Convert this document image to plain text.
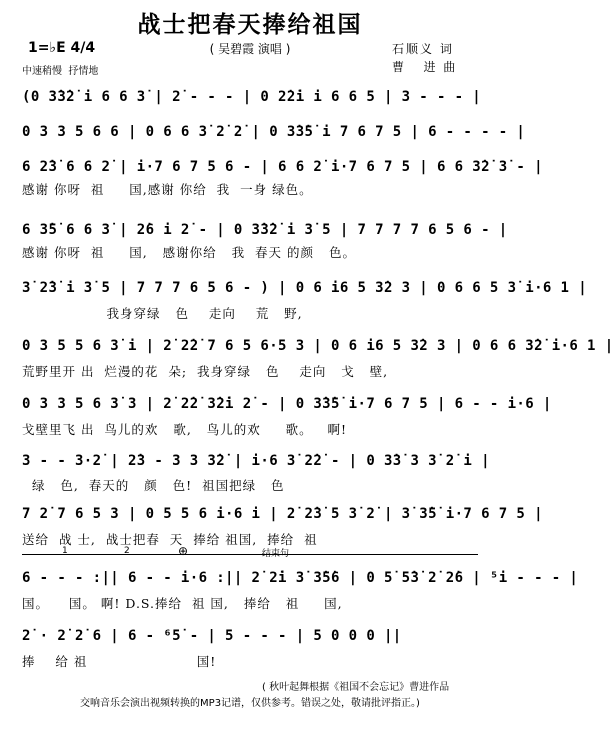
战士把春天捧给祖国
( 吴碧霞 演唱 )
1=♭E 4/4
中速稍慢  抒情地
石顺义 词
曹   进 曲
(0 3̇3̇2̇ i 6 6 3̇ | 2̇ - - - | 0 2̇2̇i i 6 6 5 | 3 - - - |
0 3 3 5 6 6 | 0 6 6 3̇ 2̇ 2̇ | 0 3̇3̇5̇ i 7 6 7 5 | 6 - - - - |
6 2̇3̇ 6 6 2̇ | i·7 6 7 5 6 - | 6 6 2̇ i·7 6 7 5 | 6 6 3̇2̇ 3̇ - |
感谢 你呀  祖     国,感谢 你给  我  一身 绿色。
6 3̇5̇ 6 6 3̇ | 2̇6 i 2̇ - | 0 3̇3̇2̇ i 3̇ 5 | 7 7 7 7 6 5 6 - |
感谢 你呀  祖     国,   感谢你给   我  春天 的颜   色。
3̇ 2̇3̇ i 3̇ 5 | 7 7 7 6 5 6 - ) | 0 6 i6 5 3̇2 3 | 0 6 6 5 3̇ i·6 1 |
我身穿绿   色    走向    荒   野,
0 3 5 5 6 3̇ i | 2̇ 2̇2̇ 7 6 5 6·5 3 | 0 6 i6 5 3̇2 3 | 0 6 6 3̇2̇ i·6 1 |
荒野里开 出  烂漫的花  朵;  我身穿绿   色    走向   戈   壁,
0 3 3 5 6 3̇ 3 | 2̇ 2̇2̇ 3̇2̇i 2̇ - | 0 3̇3̇5̇ i·7 6 7 5 | 6 - - i·6 |
戈壁里飞 出  鸟儿的欢   歌,   鸟儿的欢     歌。   啊!
3 - - 3·2̇ | 2̇3 - 3 3 3̇2̇ | i·6 3̇ 2̇2̇ - | 0 3̇3̇ 3 3̇ 2̇ i |
绿   色,  春天的   颜   色!  祖国把绿   色
7 2̇ 7 6 5 3 | 0 5 5 6 i·6 i | 2̇ 2̇3̇ 5 3̇ 2̇ | 3̇ 3̇5̇ i·7 6 7 5 |
送给  战 士,  战士把春  天  捧给 祖国,  捧给  祖
1	2	⊕	结束句
6 - - - :|| 6 - - i·6 :|| 2̇ 2̇i 3̇ 3̇5̇6 | 0 5̇ 5̇3̇ 2̇ 2̇6 | ⁵i - - - |
国。    国。 啊! D.S.捧给  祖 国,   捧给   祖     国,
2̇ · 2̇ 2̇ 6 | 6 - ⁶5̇ - | 5 - - - | 5 0 0 0 ||
捧    给 祖                      国!
( 秋叶起舞根据《祖国不会忘记》曹进作品
交响音乐会演出视频转换的MP3记谱，仅供参考。错误之处，敬请批评指正。)
